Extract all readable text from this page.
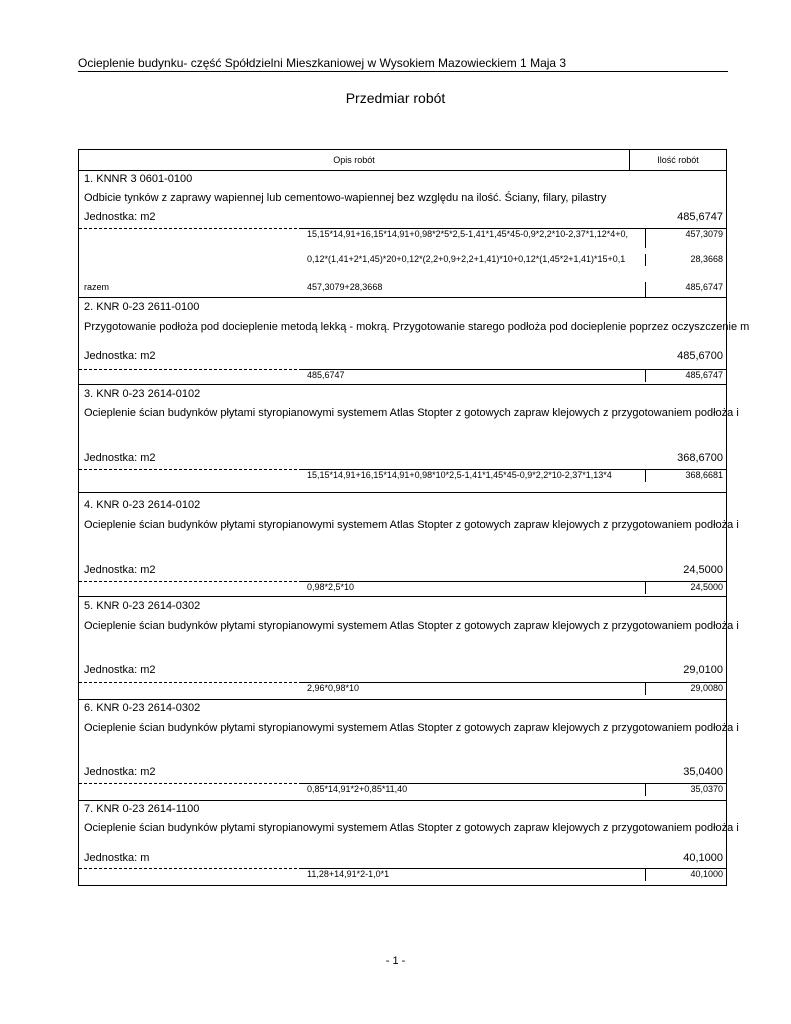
Ocieplenie budynku- część Spółdzielni Mieszkaniowej w Wysokiem Mazowieckiem 1 Maja 3
Przedmiar robót
Opis robót	Ilość robót
1. KNNR 3 0601-0100
Odbicie tynków z zaprawy wapiennej lub cementowo-wapiennej bez względu na ilość. Ściany, filary, pilastry
Jednostka: m2	485,6747
15,15*14,91+16,15*14,91+0,98*2*5*2,5-1,41*1,45*45-0,9*2,2*10-2,37*1,12*4+0,	457,3079
0,12*(1,41+2*1,45)*20+0,12*(2,2+0,9+2,2+1,41)*10+0,12*(1,45*2+1,41)*15+0,1	28,3668
razem	457,3079+28,3668	485,6747
2. KNR 0-23 2611-0100
Przygotowanie podłoża pod docieplenie metodą lekką - mokrą. Przygotowanie starego podłoża pod docieplenie poprzez oczyszczenie m
Jednostka: m2	485,6700
485,6747	485,6747
3. KNR 0-23 2614-0102
Ocieplenie ścian budynków płytami styropianowymi systemem Atlas Stopter z gotowych zapraw klejowych z przygotowaniem podłoża i
Jednostka: m2	368,6700
15,15*14,91+16,15*14,91+0,98*10*2,5-1,41*1,45*45-0,9*2,2*10-2,37*1,13*4	368,6681
4. KNR 0-23 2614-0102
Ocieplenie ścian budynków płytami styropianowymi systemem Atlas Stopter z gotowych zapraw klejowych z przygotowaniem podłoża i
Jednostka: m2	24,5000
0,98*2,5*10	24,5000
5. KNR 0-23 2614-0302
Ocieplenie ścian budynków płytami styropianowymi systemem Atlas Stopter z gotowych zapraw klejowych z przygotowaniem podłoża i
Jednostka: m2	29,0100
2,96*0,98*10	29,0080
6. KNR 0-23 2614-0302
Ocieplenie ścian budynków płytami styropianowymi systemem Atlas Stopter z gotowych zapraw klejowych z przygotowaniem podłoża i
Jednostka: m2	35,0400
0,85*14,91*2+0,85*11,40	35,0370
7. KNR 0-23 2614-1100
Ocieplenie ścian budynków płytami styropianowymi systemem Atlas Stopter z gotowych zapraw klejowych z przygotowaniem podłoża i
Jednostka: m	40,1000
11,28+14,91*2-1,0*1	40,1000
- 1 -
